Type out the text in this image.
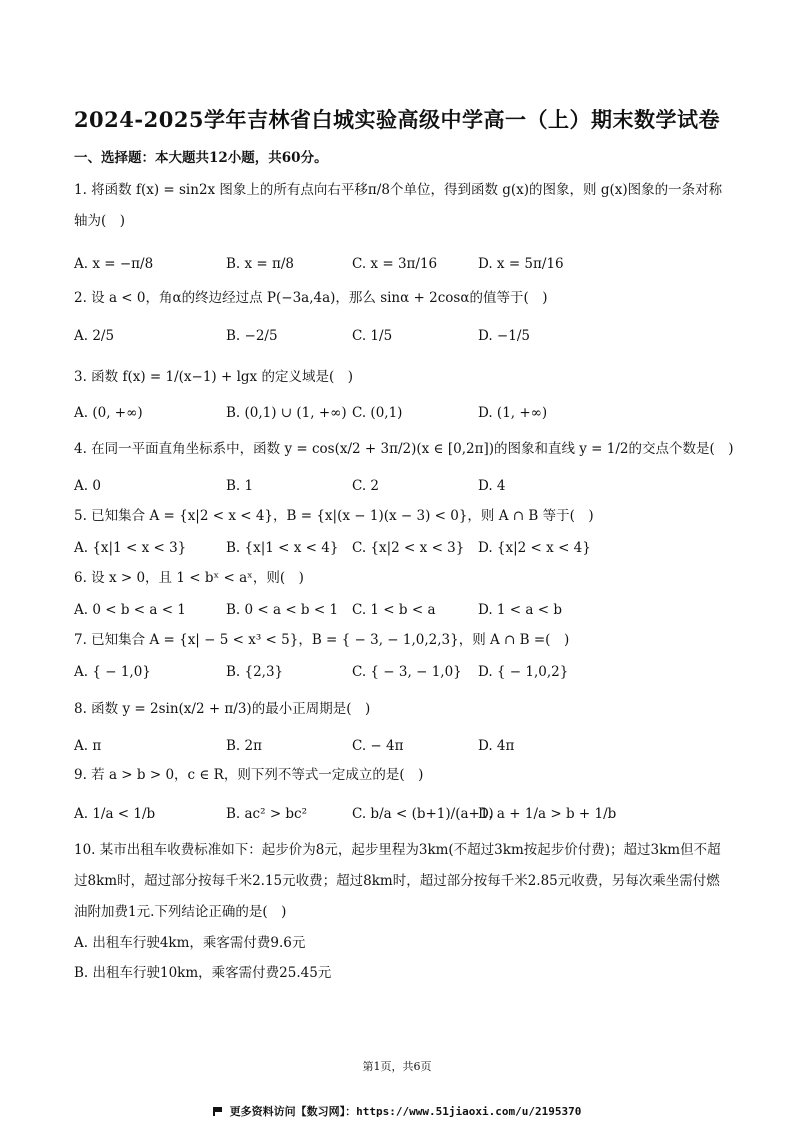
2024-2025学年吉林省白城实验高级中学高一（上）期末数学试卷
一、选择题：本大题共12小题，共60分。
1. 将函数 f(x) = sin2x 图象上的所有点向右平移π/8个单位，得到函数 g(x)的图象，则 g(x)图象的一条对称轴为(　)
A. x = −π/8	B. x = π/8	C. x = 3π/16	D. x = 5π/16
2. 设 a < 0，角α的终边经过点 P(−3a,4a)，那么 sinα + 2cosα的值等于(　)
A. 2/5	B. −2/5	C. 1/5	D. −1/5
3. 函数 f(x) = 1/(x−1) + lgx 的定义域是(　)
A. (0, +∞)	B. (0,1) ∪ (1, +∞) C. (0,1)	D. (1, +∞)
4. 在同一平面直角坐标系中，函数 y = cos(x/2 + 3π/2)(x ∈ [0,2π])的图象和直线 y = 1/2的交点个数是(　)
A. 0	B. 1	C. 2	D. 4
5. 已知集合 A = {x|2 < x < 4}，B = {x|(x − 1)(x − 3) < 0}，则 A ∩ B 等于(　)
A. {x|1 < x < 3}	B. {x|1 < x < 4} C. {x|2 < x < 3} D. {x|2 < x < 4}
6. 设 x > 0，且 1 < bˣ < aˣ，则(　)
A. 0 < b < a < 1	B. 0 < a < b < 1 C. 1 < b < a	D. 1 < a < b
7. 已知集合 A = {x| − 5 < x³ < 5}，B = { − 3, − 1,0,2,3}，则 A ∩ B =(　)
A. { − 1,0}	B. {2,3}	C. { − 3, − 1,0} D. { − 1,0,2}
8. 函数 y = 2sin(x/2 + π/3)的最小正周期是(　)
A. π	B. 2π	C. − 4π	D. 4π
9. 若 a > b > 0，c ∈ R，则下列不等式一定成立的是(　)
A. 1/a < 1/b	B. ac² > bc²	C. b/a < (b+1)/(a+1)
D. a + 1/a > b + 1/b
10. 某市出租车收费标准如下：起步价为8元，起步里程为3km(不超过3km按起步价付费)；超过3km但不超过8km时，超过部分按每千米2.15元收费；超过8km时，超过部分按每千米2.85元收费，另每次乘坐需付燃油附加费1元.下列结论正确的是(　)
A. 出租车行驶4km，乘客需付费9.6元
B. 出租车行驶10km，乘客需付费25.45元
第1页，共6页
更多资料访问【数习网】：https://www.51jiaoxi.com/u/2195370
